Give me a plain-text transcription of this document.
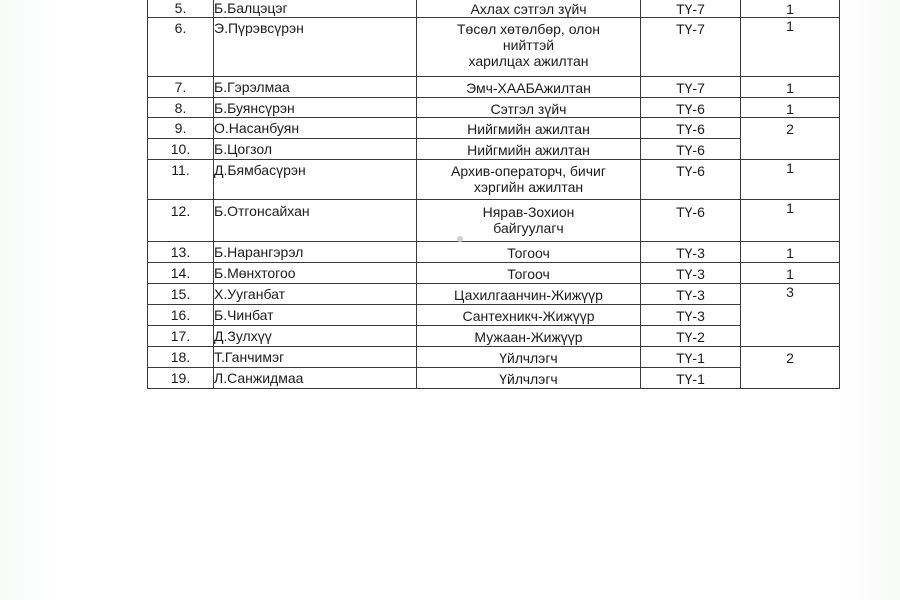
5.	Б.Балцэцэг	Ахлах сэтгэл зүйч	ТҮ-7	1
6.	Э.Пүрэвсүрэн	Төсөл хөтөлбөр, олон
нийттэй
харилцах ажилтан	ТҮ-7	1
7.	Б.Гэрэлмаа	Эмч-ХААБАжилтан	ТҮ-7	1
8.	Б.Буянсүрэн	Сэтгэл зүйч	ТҮ-6	1
9.	О.Насанбуян	Нийгмийн ажилтан	ТҮ-6	2
10.	Б.Цогзол	Нийгмийн ажилтан	ТҮ-6	
11.	Д.Бямбасүрэн	Архив-операторч, бичиг
хэргийн ажилтан	ТҮ-6	1
12.	Б.Отгонсайхан	Нярав-Зохион
байгуулагч	ТҮ-6	1
13.	Б.Нарангэрэл	Тогооч	ТҮ-3	1
14.	Б.Мөнхтогоо	Тогооч	ТҮ-3	1
15.	Х.Ууганбат	Цахилгаанчин-Жижүүр	ТҮ-3	3
16.	Б.Чинбат	Сантехникч-Жижүүр	ТҮ-3	
17.	Д.Зулхүү	Мужаан-Жижүүр	ТҮ-2	
18.	Т.Ганчимэг	Үйлчлэгч	ТҮ-1	2
19.	Л.Санжидмаа	Үйлчлэгч	ТҮ-1	
